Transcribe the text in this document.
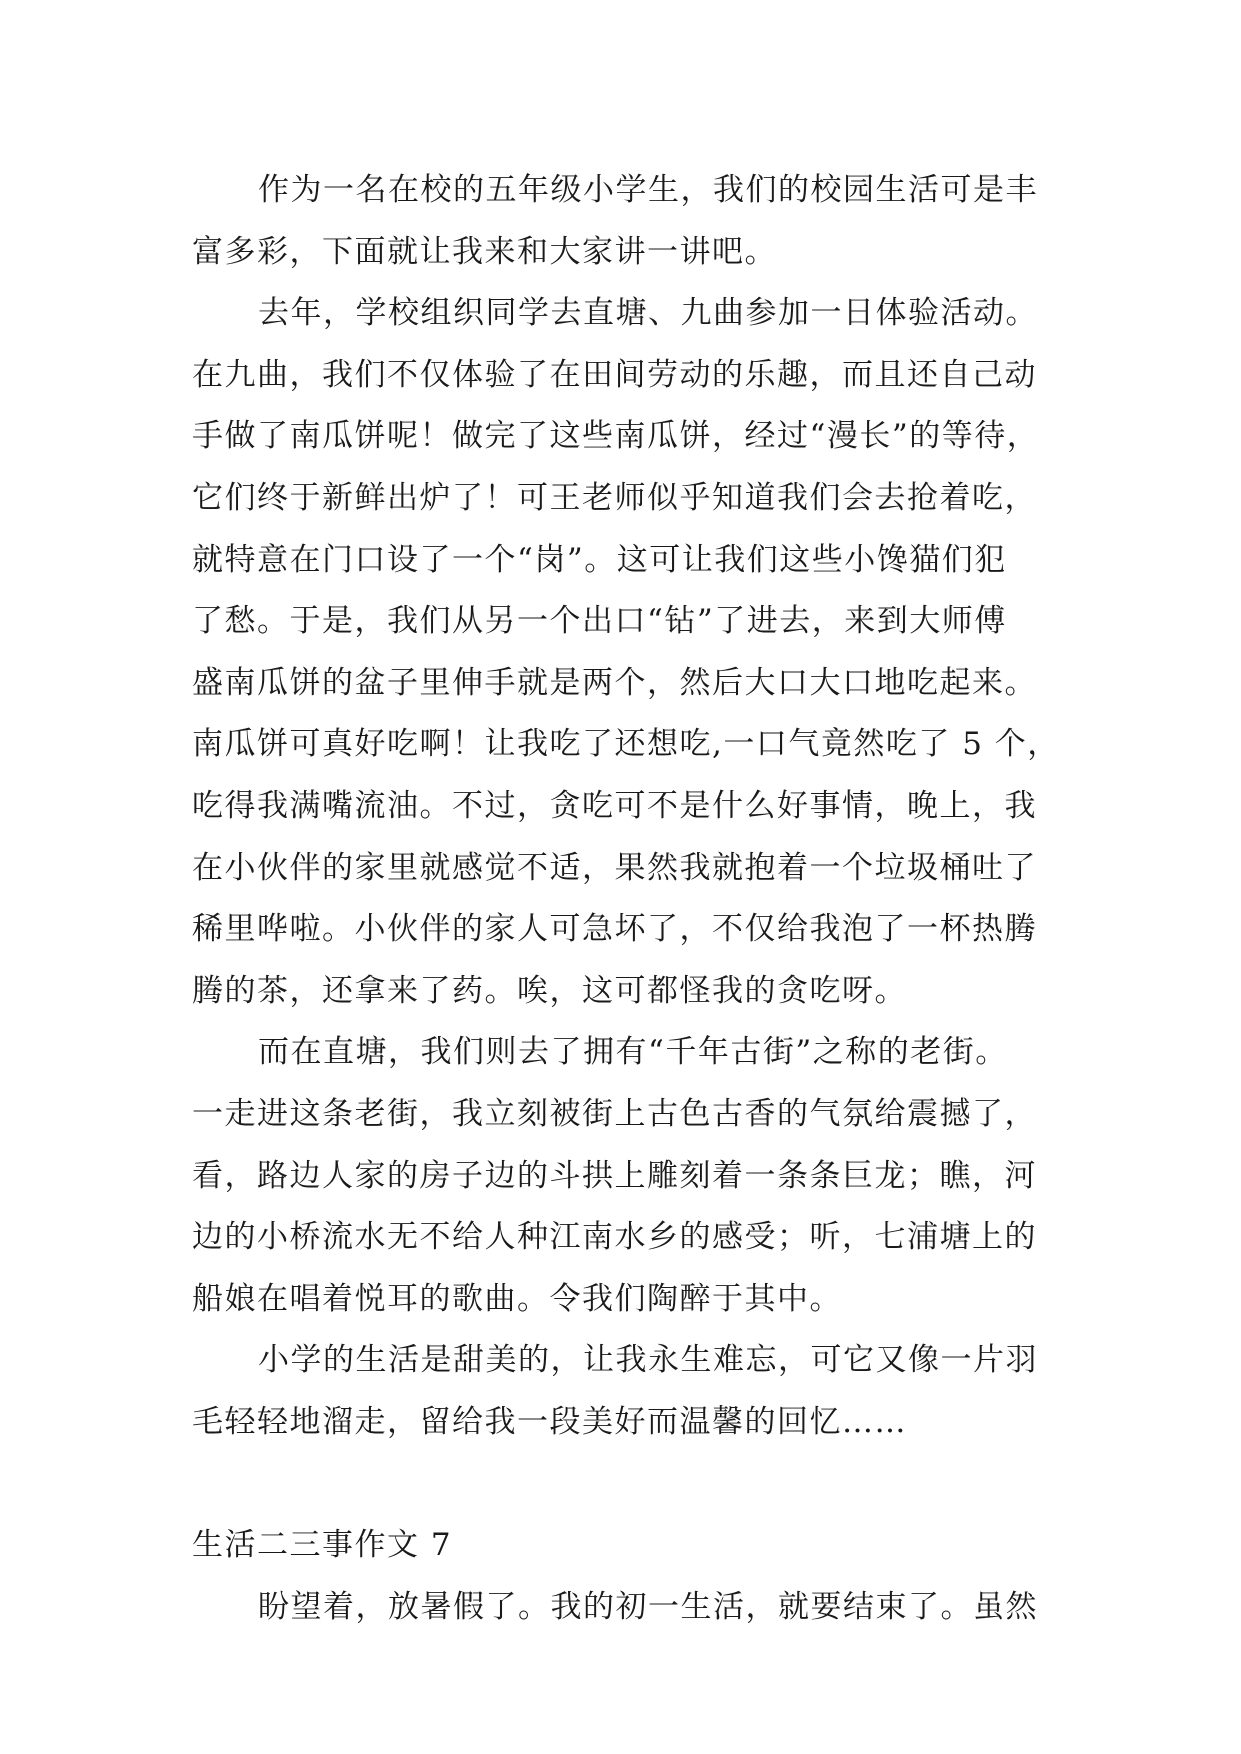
作为一名在校的五年级小学生，我们的校园生活可是丰
富多彩，下面就让我来和大家讲一讲吧。
去年，学校组织同学去直塘、九曲参加一日体验活动。
在九曲，我们不仅体验了在田间劳动的乐趣，而且还自己动
手做了南瓜饼呢！做完了这些南瓜饼，经过“漫长”的等待，
它们终于新鲜出炉了！可王老师似乎知道我们会去抢着吃，
就特意在门口设了一个“岗”。这可让我们这些小馋猫们犯
了愁。于是，我们从另一个出口“钻”了进去，来到大师傅
盛南瓜饼的盆子里伸手就是两个，然后大口大口地吃起来。
南瓜饼可真好吃啊！让我吃了还想吃,一口气竟然吃了 5 个，
吃得我满嘴流油。不过，贪吃可不是什么好事情，晚上，我
在小伙伴的家里就感觉不适，果然我就抱着一个垃圾桶吐了
稀里哗啦。小伙伴的家人可急坏了，不仅给我泡了一杯热腾
腾的茶，还拿来了药。唉，这可都怪我的贪吃呀。
而在直塘，我们则去了拥有“千年古街”之称的老街。
一走进这条老街，我立刻被街上古色古香的气氛给震撼了，
看，路边人家的房子边的斗拱上雕刻着一条条巨龙；瞧，河
边的小桥流水无不给人种江南水乡的感受；听，七浦塘上的
船娘在唱着悦耳的歌曲。令我们陶醉于其中。
小学的生活是甜美的，让我永生难忘，可它又像一片羽
毛轻轻地溜走，留给我一段美好而温馨的回忆……
生活二三事作文 7
盼望着，放暑假了。我的初一生活，就要结束了。虽然
